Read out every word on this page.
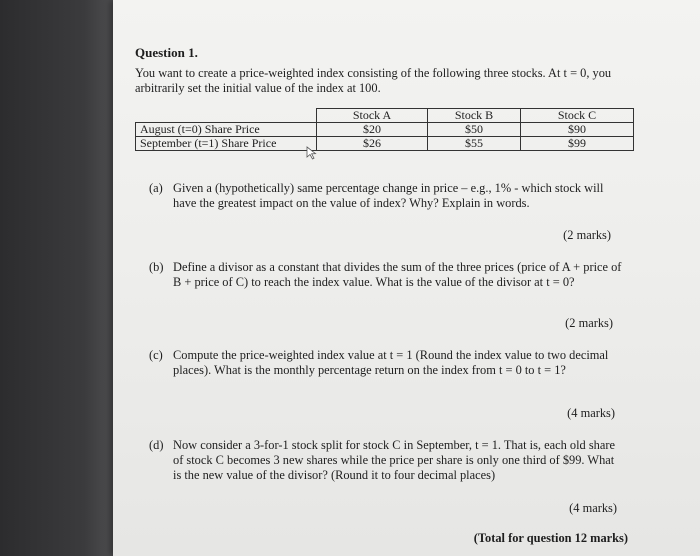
Question 1.

You want to create a price-weighted index consisting of the following three stocks. At t = 0, you arbitrarily set the initial value of the index at 100.

	Stock A	Stock B	Stock C
August (t=0) Share Price	$20	$50	$90
September (t=1) Share Price	$26	$55	$99
(a) Given a (hypothetically) same percentage change in price – e.g., 1% - which stock will have the greatest impact on the value of index? Why? Explain in words.

(2 marks)

(b) Define a divisor as a constant that divides the sum of the three prices (price of A + price of B + price of C) to reach the index value. What is the value of the divisor at t = 0?

(2 marks)

(c) Compute the price-weighted index value at t = 1 (Round the index value to two decimal places). What is the monthly percentage return on the index from t = 0 to t = 1?

(4 marks)

(d) Now consider a 3-for-1 stock split for stock C in September, t = 1. That is, each old share of stock C becomes 3 new shares while the price per share is only one third of $99. What is the new value of the divisor? (Round it to four decimal places)

(4 marks)

(Total for question 12 marks)
